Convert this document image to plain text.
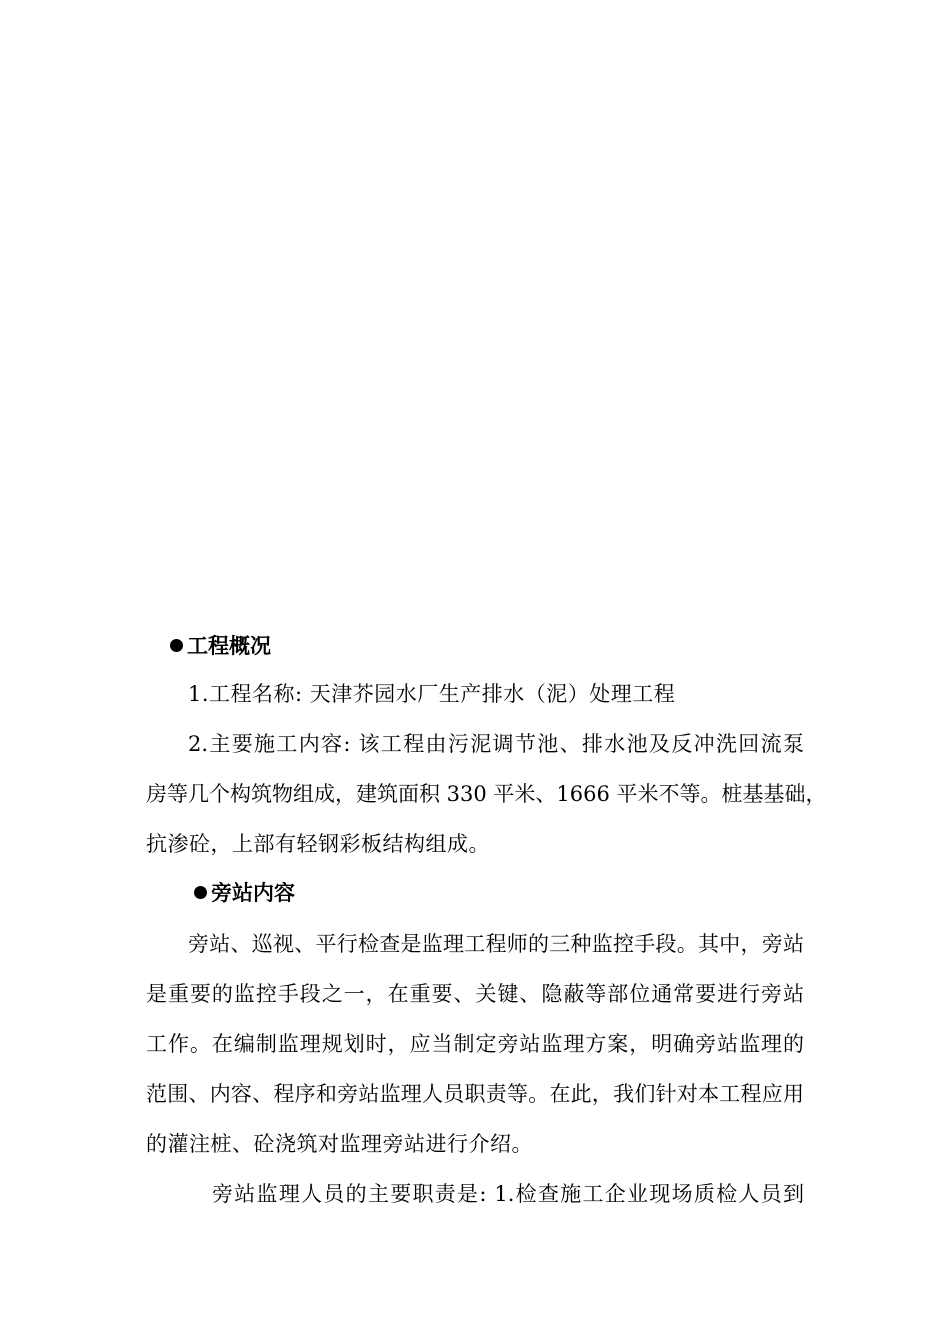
工程概况
1.工程名称: 天津芥园水厂生产排水（泥）处理工程
2.主要施工内容: 该工程由污泥调节池、排水池及反冲洗回流泵
房等几个构筑物组成，建筑面积 330 平米、1666 平米不等。桩基基础，
抗渗砼，上部有轻钢彩板结构组成。
旁站内容
旁站、巡视、平行检查是监理工程师的三种监控手段。其中，旁站
是重要的监控手段之一，在重要、关键、隐蔽等部位通常要进行旁站
工作。在编制监理规划时，应当制定旁站监理方案，明确旁站监理的
范围、内容、程序和旁站监理人员职责等。在此，我们针对本工程应用
的灌注桩、砼浇筑对监理旁站进行介绍。
旁站监理人员的主要职责是: 1.检查施工企业现场质检人员到
